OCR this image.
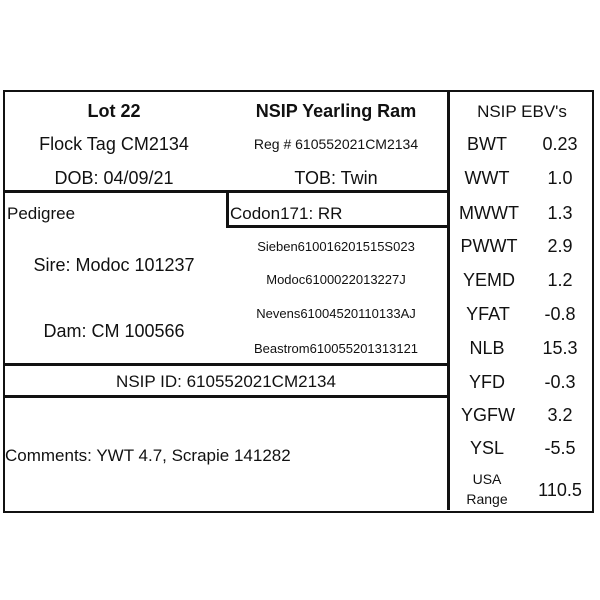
Lot 22	NSIP Yearling Ram	NSIP EBV's
Flock Tag CM2134	Reg # 610552021CM2134
DOB: 04/09/21	TOB: Twin
Pedigree	Codon171: RR
Sire: Modoc 101237
Dam: CM 100566
Sieben610016201515S023
Modoc6100022013227J
Nevens61004520110133AJ
Beastrom610055201313121
NSIP ID: 610552021CM2134
Comments: YWT 4.7, Scrapie 141282
BWT 0.23
WWT 1.0
MWWT 1.3
PWWT 2.9
YEMD 1.2
YFAT -0.8
NLB 15.3
YFD -0.3
YGFW 3.2
YSL -5.5
USA
Range 110.5
